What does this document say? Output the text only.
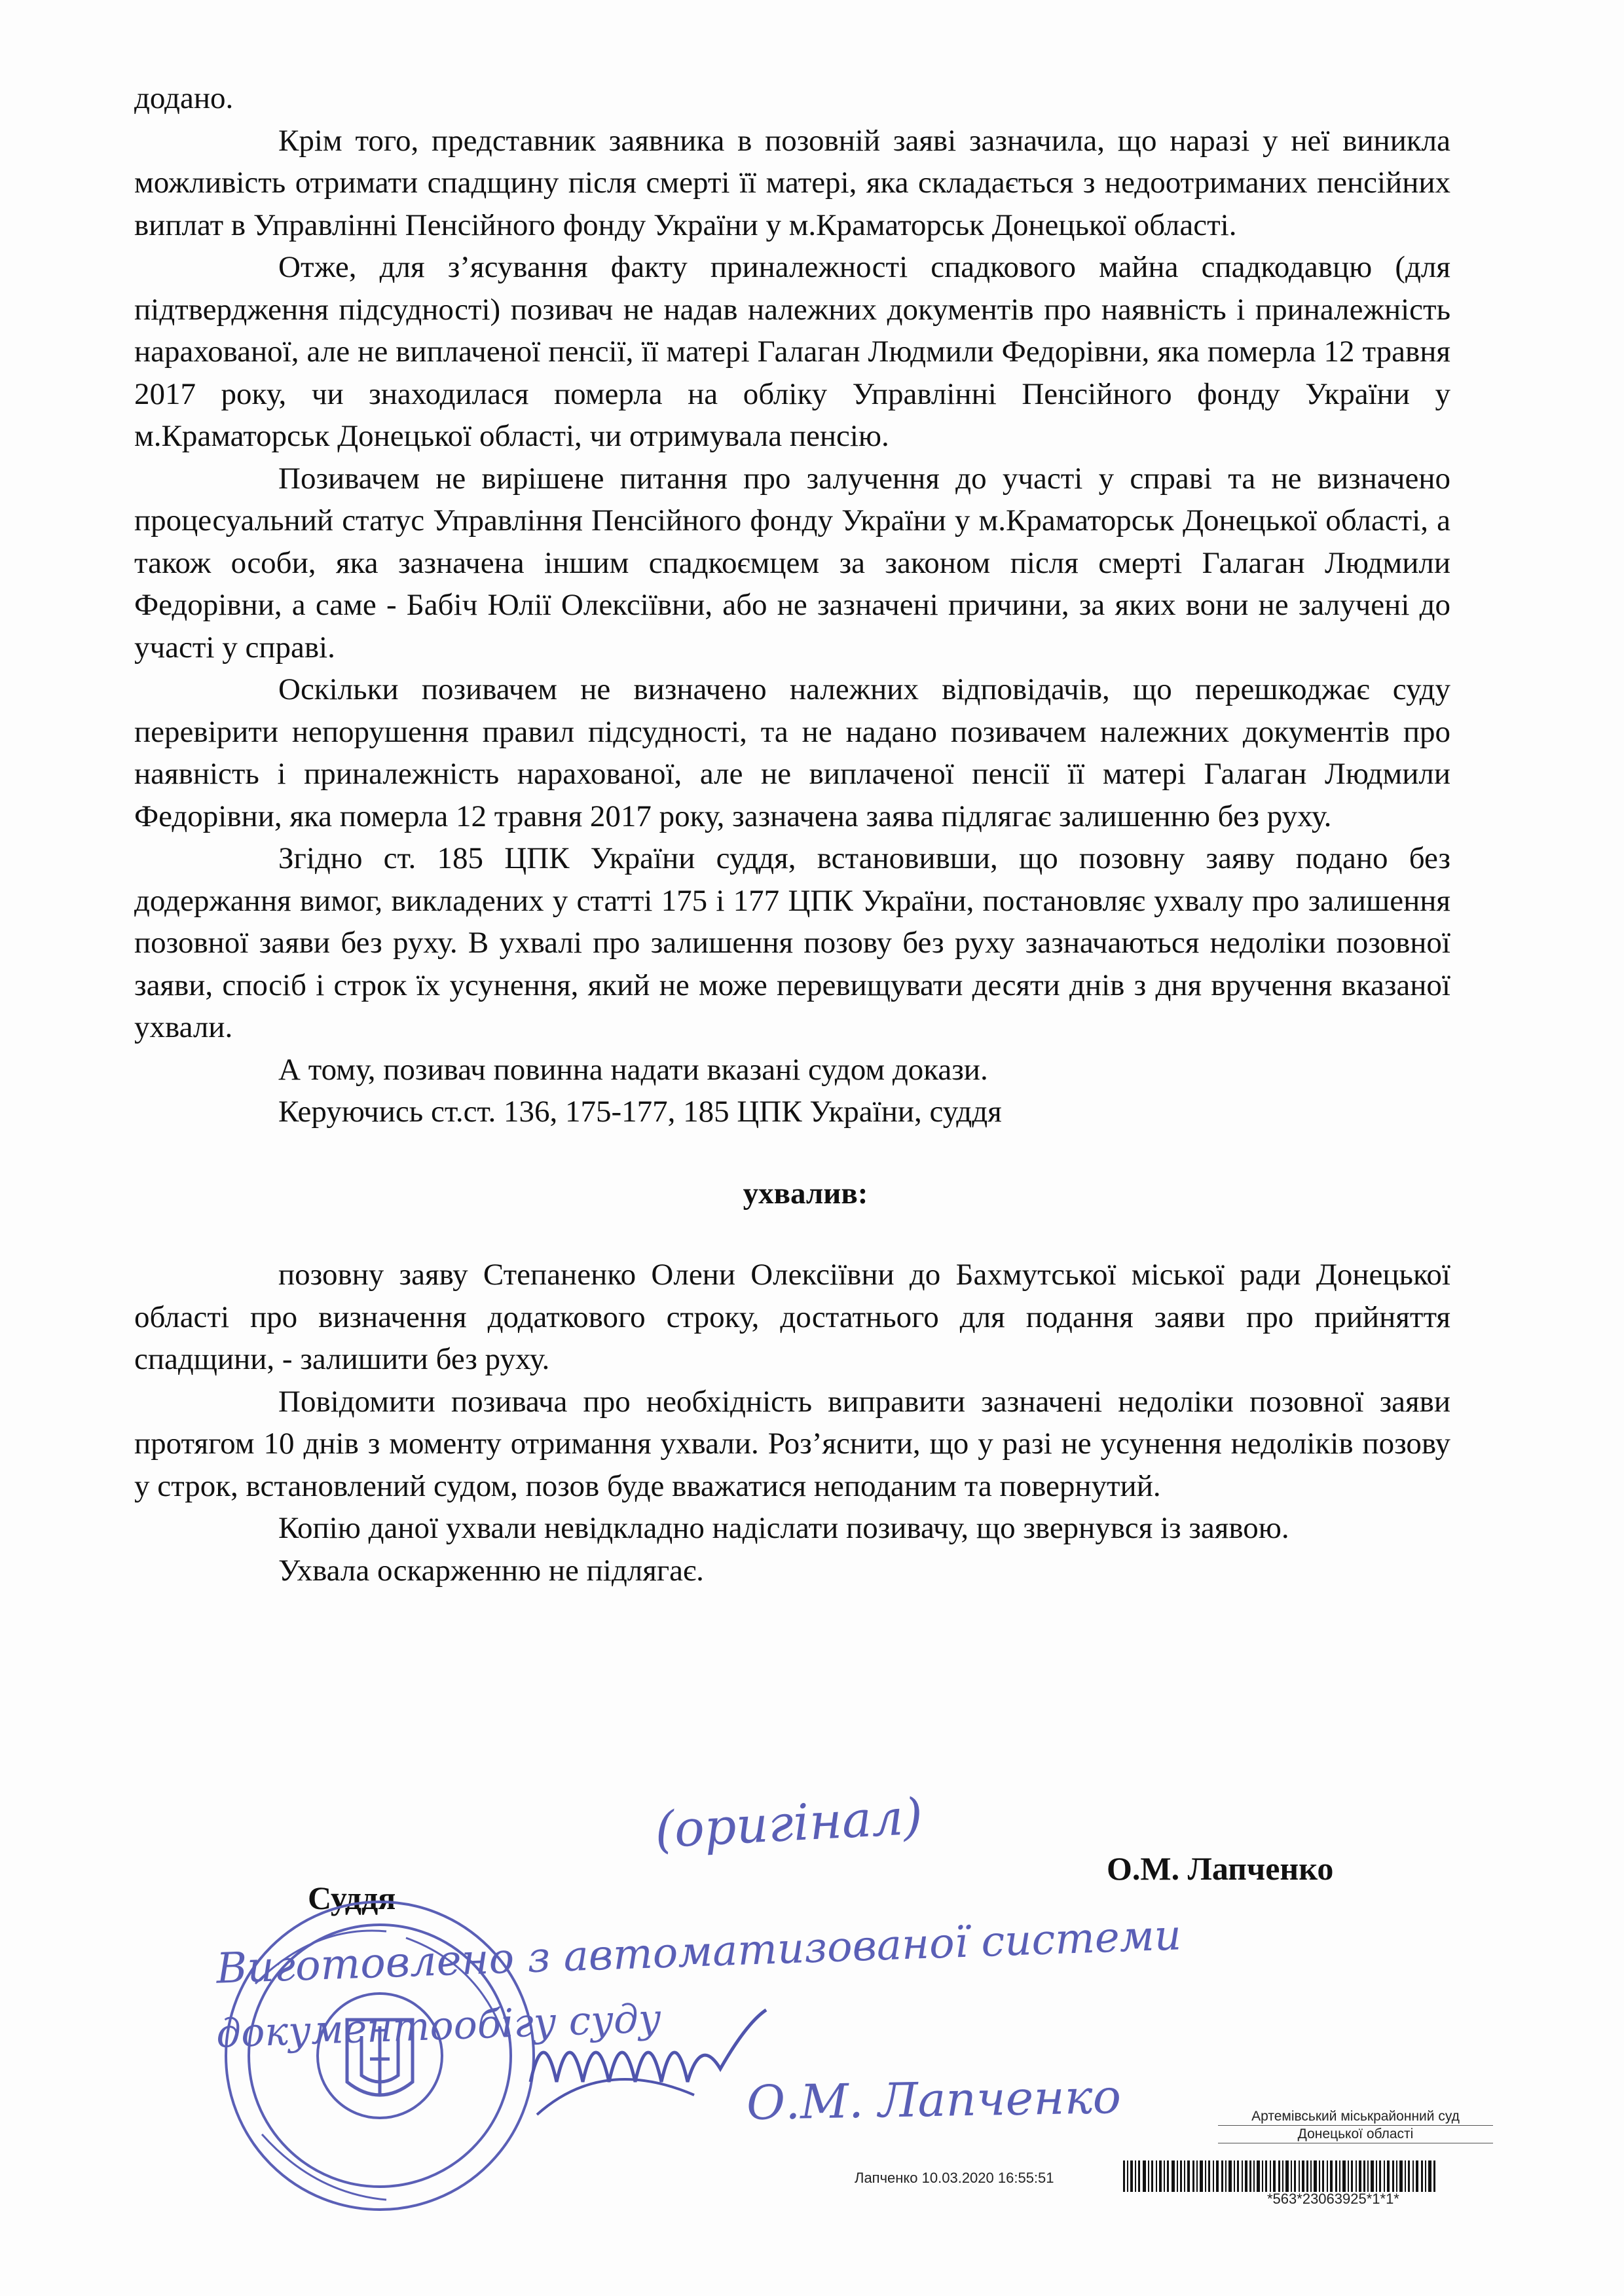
додано.

Крім того, представник заявника в позовній заяві зазначила, що наразі у неї виникла можливість отримати спадщину після смерті її матері, яка складається з недоотриманих пенсійних виплат в Управлінні Пенсійного фонду України у м.Краматорськ Донецької області.

Отже, для з’ясування факту приналежності спадкового майна спадкодавцю (для підтвердження підсудності) позивач не надав належних документів про наявність і приналежність нарахованої, але не виплаченої пенсії, її матері Галаган Людмили Федорівни, яка померла 12 травня 2017 року, чи знаходилася померла на обліку Управлінні Пенсійного фонду України у м.Краматорськ Донецької області, чи отримувала пенсію.

Позивачем не вирішене питання про залучення до участі у справі та не визначено процесуальний статус Управління Пенсійного фонду України у м.Краматорськ Донецької області, а також особи, яка зазначена іншим спадкоємцем за законом після смерті Галаган Людмили Федорівни, а саме - Бабіч Юлії Олексіївни, або не зазначені причини, за яких вони не залучені до участі у справі.

Оскільки позивачем не визначено належних відповідачів, що перешкоджає суду перевірити непорушення правил підсудності, та не надано позивачем належних документів про наявність і приналежність нарахованої, але не виплаченої пенсії її матері Галаган Людмили Федорівни, яка померла 12 травня 2017 року, зазначена заява підлягає залишенню без руху.

Згідно ст. 185 ЦПК України суддя, встановивши, що позовну заяву подано без додержання вимог, викладених у статті 175 і 177 ЦПК України, постановляє ухвалу про залишення позовної заяви без руху. В ухвалі про залишення позову без руху зазначаються недоліки позовної заяви, спосіб і строк їх усунення, який не може перевищувати десяти днів з дня вручення вказаної ухвали.

А тому, позивач повинна надати вказані судом докази.

Керуючись ст.ст. 136, 175-177, 185 ЦПК України, суддя

ухвалив:

позовну заяву Степаненко Олени Олексіївни до Бахмутської міської ради Донецької області про визначення додаткового строку, достатнього для подання заяви про прийняття спадщини, - залишити без руху.

Повідомити позивача про необхідність виправити зазначені недоліки позовної заяви протягом 10 днів з моменту отримання ухвали. Роз’яснити, що у разі не усунення недоліків позову у строк, встановлений судом, позов буде вважатися неподаним та повернутий.

Копію даної ухвали невідкладно надіслати позивачу, що звернувся із заявою.

Ухвала оскарженню не підлягає.

Суддя
О.М. Лапченко
(оригінал)
Виготовлено з автоматизованої системи
документообігу суду
О.М. Лапченко	Артемівський міськрайонний суд
Донецької області
Лапченко 10.03.2020 16:55:51
*563*23063925*1*1*
